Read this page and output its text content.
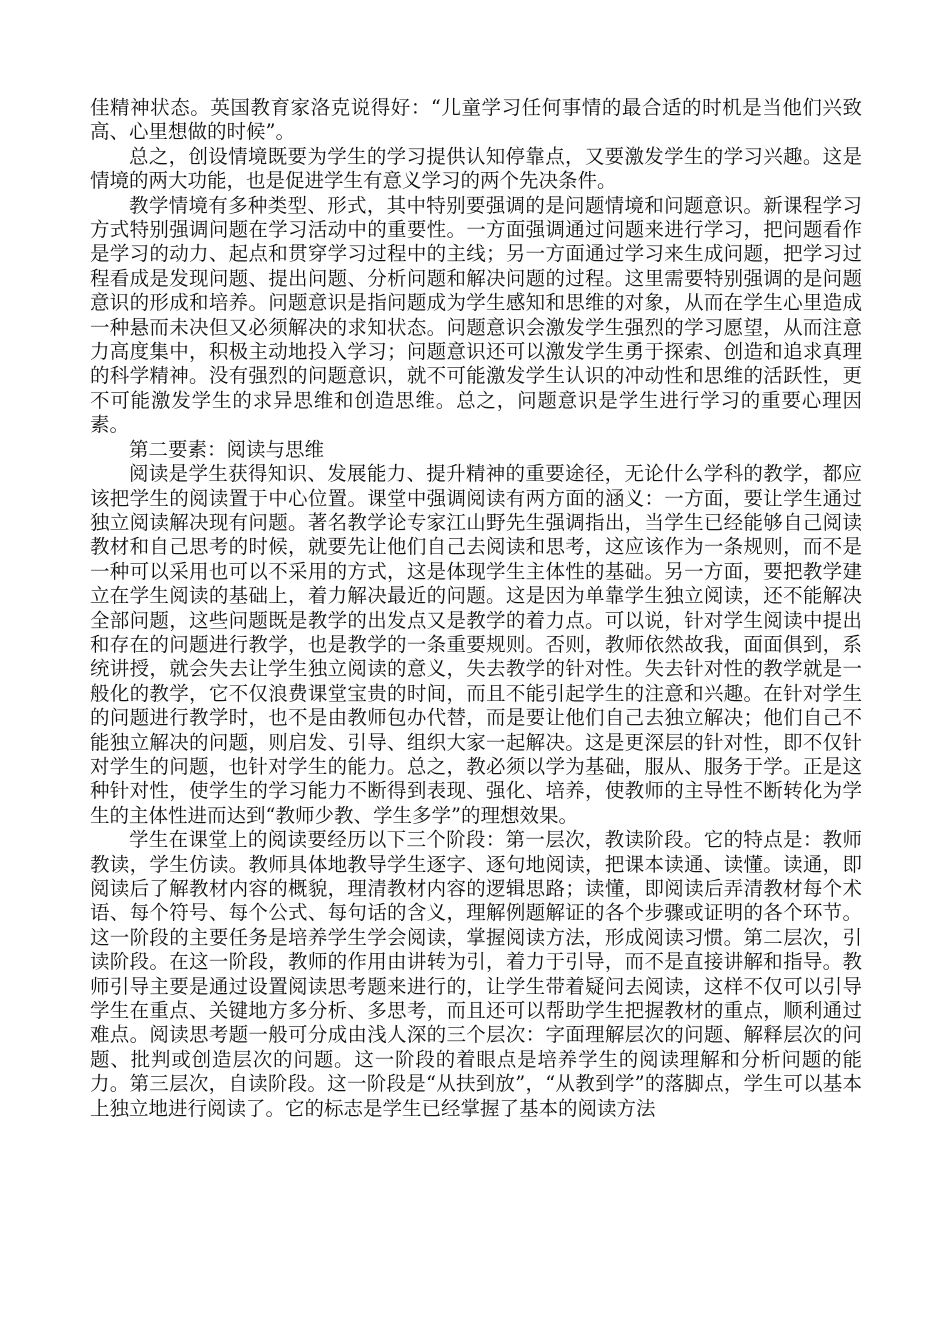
佳精神状态。英国教育家洛克说得好：“儿童学习任何事情的最合适的时机是当他们兴致高、心里想做的时候”。

总之，创设情境既要为学生的学习提供认知停靠点，又要激发学生的学习兴趣。这是情境的两大功能，也是促进学生有意义学习的两个先决条件。

教学情境有多种类型、形式，其中特别要强调的是问题情境和问题意识。新课程学习方式特别强调问题在学习活动中的重要性。一方面强调通过问题来进行学习，把问题看作是学习的动力、起点和贯穿学习过程中的主线；另一方面通过学习来生成问题，把学习过程看成是发现问题、提出问题、分析问题和解决问题的过程。这里需要特别强调的是问题意识的形成和培养。问题意识是指问题成为学生感知和思维的对象，从而在学生心里造成一种悬而未决但又必须解决的求知状态。问题意识会激发学生强烈的学习愿望，从而注意力高度集中，积极主动地投入学习；问题意识还可以激发学生勇于探索、创造和追求真理的科学精神。没有强烈的问题意识，就不可能激发学生认识的冲动性和思维的活跃性，更不可能激发学生的求异思维和创造思维。总之，问题意识是学生进行学习的重要心理因素。

第二要素：阅读与思维

阅读是学生获得知识、发展能力、提升精神的重要途径，无论什么学科的教学，都应该把学生的阅读置于中心位置。课堂中强调阅读有两方面的涵义：一方面，要让学生通过独立阅读解决现有问题。著名教学论专家江山野先生强调指出，当学生已经能够自己阅读教材和自己思考的时候，就要先让他们自己去阅读和思考，这应该作为一条规则，而不是一种可以采用也可以不采用的方式，这是体现学生主体性的基础。另一方面，要把教学建立在学生阅读的基础上，着力解决最近的问题。这是因为单靠学生独立阅读，还不能解决全部问题，这些问题既是教学的出发点又是教学的着力点。可以说，针对学生阅读中提出和存在的问题进行教学，也是教学的一条重要规则。否则，教师依然故我，面面俱到，系统讲授，就会失去让学生独立阅读的意义，失去教学的针对性。失去针对性的教学就是一般化的教学，它不仅浪费课堂宝贵的时间，而且不能引起学生的注意和兴趣。在针对学生的问题进行教学时，也不是由教师包办代替，而是要让他们自己去独立解决；他们自己不能独立解决的问题，则启发、引导、组织大家一起解决。这是更深层的针对性，即不仅针对学生的问题，也针对学生的能力。总之，教必须以学为基础，服从、服务于学。正是这种针对性，使学生的学习能力不断得到表现、强化、培养，使教师的主导性不断转化为学生的主体性进而达到“教师少教、学生多学”的理想效果。

学生在课堂上的阅读要经历以下三个阶段：第一层次，教读阶段。它的特点是：教师教读，学生仿读。教师具体地教导学生逐字、逐句地阅读，把课本读通、读懂。读通，即阅读后了解教材内容的概貌，理清教材内容的逻辑思路；读懂，即阅读后弄清教材每个术语、每个符号、每个公式、每句话的含义，理解例题解证的各个步骤或证明的各个环节。这一阶段的主要任务是培养学生学会阅读，掌握阅读方法，形成阅读习惯。第二层次，引读阶段。在这一阶段，教师的作用由讲转为引，着力于引导，而不是直接讲解和指导。教师引导主要是通过设置阅读思考题来进行的，让学生带着疑问去阅读，这样不仅可以引导学生在重点、关键地方多分析、多思考，而且还可以帮助学生把握教材的重点，顺利通过难点。阅读思考题一般可分成由浅人深的三个层次：字面理解层次的问题、解释层次的问题、批判或创造层次的问题。这一阶段的着眼点是培养学生的阅读理解和分析问题的能力。第三层次，自读阶段。这一阶段是“从扶到放”，“从教到学”的落脚点，学生可以基本上独立地进行阅读了。它的标志是学生已经掌握了基本的阅读方法
